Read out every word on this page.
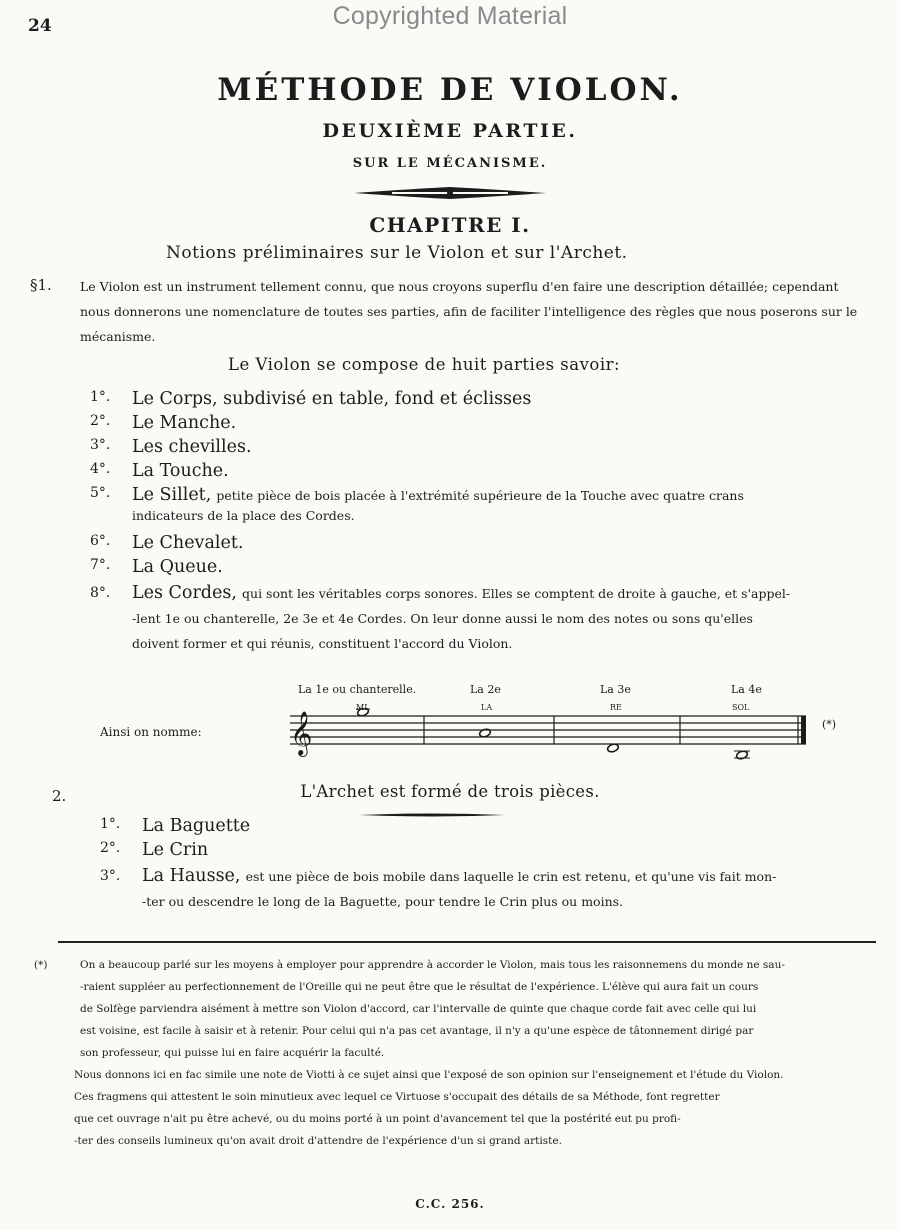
Copyrighted Material
24
MÉTHODE DE VIOLON.
DEUXIÈME PARTIE.
SUR LE MÉCANISME.
CHAPITRE I.
Notions préliminaires sur le Violon et sur l'Archet.
§1. Le Violon est un instrument tellement connu, que nous croyons superflu d'en faire une description détaillée; cependant nous donnerons une nomenclature de toutes ses parties, afin de faciliter l'intelligence des règles que nous poserons sur le mécanisme.
Le Violon se compose de huit parties savoir:
1°. Le Corps, subdivisé en table, fond et éclisses
2°. Le Manche.
3°. Les chevilles.
4°. La Touche.
5°. Le Sillet, petite pièce de bois placée à l'extrémité supérieure de la Touche avec quatre crans
indicateurs de la place des Cordes.
6°. Le Chevalet.
7°. La Queue.
8°. Les Cordes, qui sont les véritables corps sonores. Elles se comptent de droite à gauche, et s'appel-
-lent 1e ou chanterelle, 2e 3e et 4e Cordes. On leur donne aussi le nom des notes ou sons qu'elles
doivent former et qui réunis, constituent l'accord du Violon.
Ainsi on nomme:
La 1e ou chanterelle.	La 2e	La 3e	La 4e
MI	LA	RE	SOL
𝄞	(*)
2.	L'Archet est formé de trois pièces.
1°. La Baguette
2°. Le Crin
3°. La Hausse, est une pièce de bois mobile dans laquelle le crin est retenu, et qu'une vis fait mon-
-ter ou descendre le long de la Baguette, pour tendre le Crin plus ou moins.
(*)	On a beaucoup parlé sur les moyens à employer pour apprendre à accorder le Violon, mais tous les raisonnemens du monde ne sau-
-raient suppléer au perfectionnement de l'Oreille qui ne peut être que le résultat de l'expérience. L'élève qui aura fait un cours
de Solfège parviendra aisément à mettre son Violon d'accord, car l'intervalle de quinte que chaque corde fait avec celle qui lui
est voisine, est facile à saisir et à retenir. Pour celui qui n'a pas cet avantage, il n'y a qu'une espèce de tâtonnement dirigé par
son professeur, qui puisse lui en faire acquérir la faculté.
Nous donnons ici en fac simile une note de Viotti à ce sujet ainsi que l'exposé de son opinion sur l'enseignement et l'étude du Violon.
Ces fragmens qui attestent le soin minutieux avec lequel ce Virtuose s'occupait des détails de sa Méthode, font regretter
que cet ouvrage n'ait pu être achevé, ou du moins porté à un point d'avancement tel que la postérité eut pu profi-
-ter des conseils lumineux qu'on avait droit d'attendre de l'expérience d'un si grand artiste.
C.C. 256.
